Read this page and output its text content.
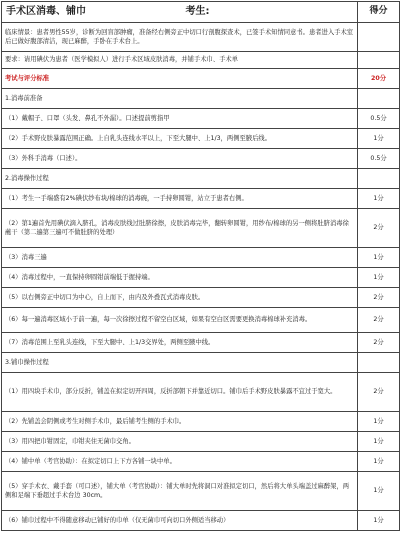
手术区消毒、铺巾 考生:	得分
临床情景：患者男性55岁，诊断为回盲部肿瘤，准备经右侧旁正中切口行剖腹探查术，已签手术知情同意书。患者进入手术室后已做好腹部清洁，现已麻醉，手卧在手术台上。	
要求：请用碘伏为患者（医学模拟人）进行手术区域皮肤消毒，并铺手术巾、手术单	
考试与评分标准	20分
1.消毒前准备	
（1）戴帽子、口罩（头发、鼻孔不外漏）。口述提前剪指甲	0.5分
（2）手术野皮肤暴露范围正确。上自乳头连线水平以上，下至大腿中、上1/3，两侧至腋后线。	1分
（3）外科手消毒（口述）。	0.5分
2.消毒操作过程	
（1）考生一手端盛有2%碘伏纱布块/棉球的消毒碗，一手持卵圆钳，站立于患者右侧。	1分
（2）第1遍首先用碘伏滴入脐孔，消毒皮肤线过肚脐徐擦，皮肤消毒完毕，翻转卵圆钳，用纱布/棉球的另一侧将肚脐消毒徐蘸干（第二遍第三遍可不做肚脐的处理）	2分
（3）消毒三遍	1分
（4）消毒过程中，一直保持卵圆钳前端低于握持端。	1分
（5）以右侧旁正中切口为中心，自上而下，由内及外叠瓦式消毒皮肤。	2分
（6）每一遍消毒区域小于前一遍，每一次徐擦过程不留空白区域，如果有空白区需要更换消毒棉球补充消毒。	2分
（7）消毒范围上至乳头连线，下至大腿中、上1/3交界处，两侧至腋中线。	2分
3.铺巾操作过程	
（1）用四块手术巾，部分反折，铺盖在拟定切开四周，反折部朝下并靠近切口。铺巾后手术野皮肤暴露不宜过于宽大。	2分
（2）先铺盖会阴侧或考生对侧手术巾，最后铺考生侧的手术巾。	1分
（3）用四把巾钳固定，巾钳夹住无菌巾交角。	1分
（4）铺中单（考官协助）：在拟定切口上下方各铺一块中单。	1分
（5）穿手术衣、戴手套（可口述），铺大单（考官协助）：铺大单时先将洞口对准拟定切口，然后将大单头端盖过麻醉架，两侧和足端下垂超过手术台边 30cm。	1分
（6）铺巾过程中不得随意移动已铺好的巾单（仅无菌巾可向切口外侧适当移动）	1分
